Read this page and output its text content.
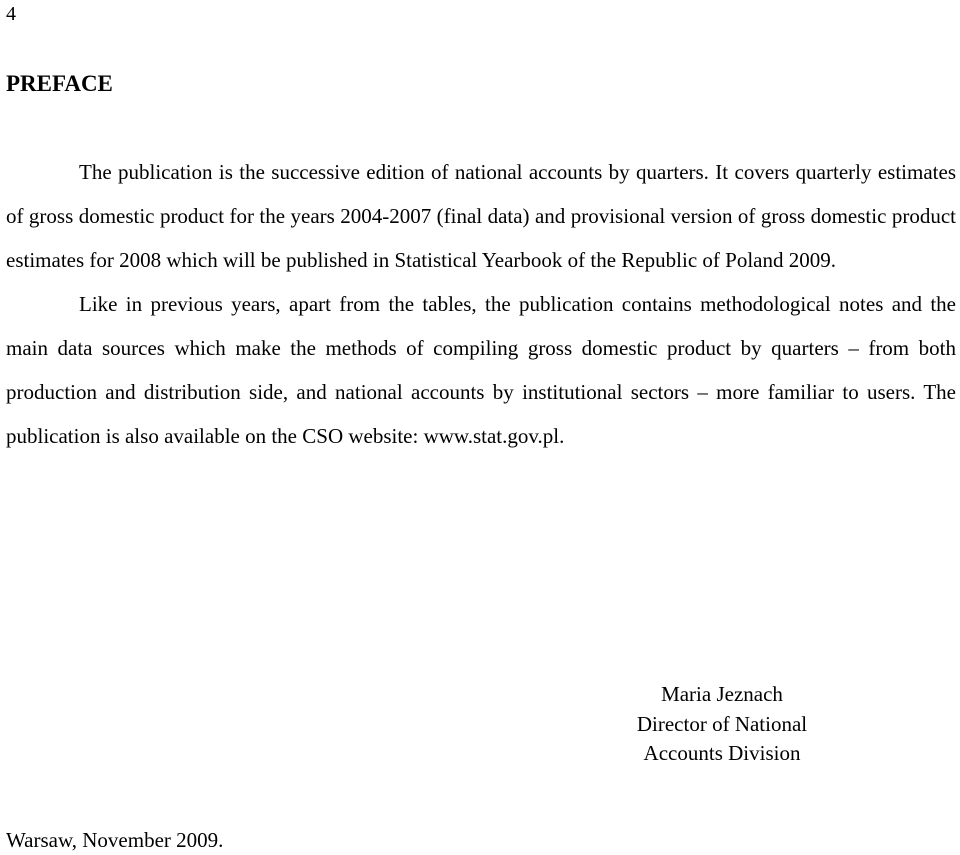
4
PREFACE

The publication is the successive edition of national accounts by quarters. It covers quarterly estimates of gross domestic product for the years 2004-2007 (final data) and provisional version of gross domestic product estimates for 2008 which will be published in Statistical Yearbook of the Republic of Poland 2009.

Like in previous years, apart from the tables, the publication contains methodological notes and the main data sources which make the methods of compiling gross domestic product by quarters – from both production and distribution side, and national accounts by institutional sectors – more familiar to users. The publication is also available on the CSO website: www.stat.gov.pl.

Maria Jeznach
Director of National
Accounts Division
Warsaw, November 2009.
